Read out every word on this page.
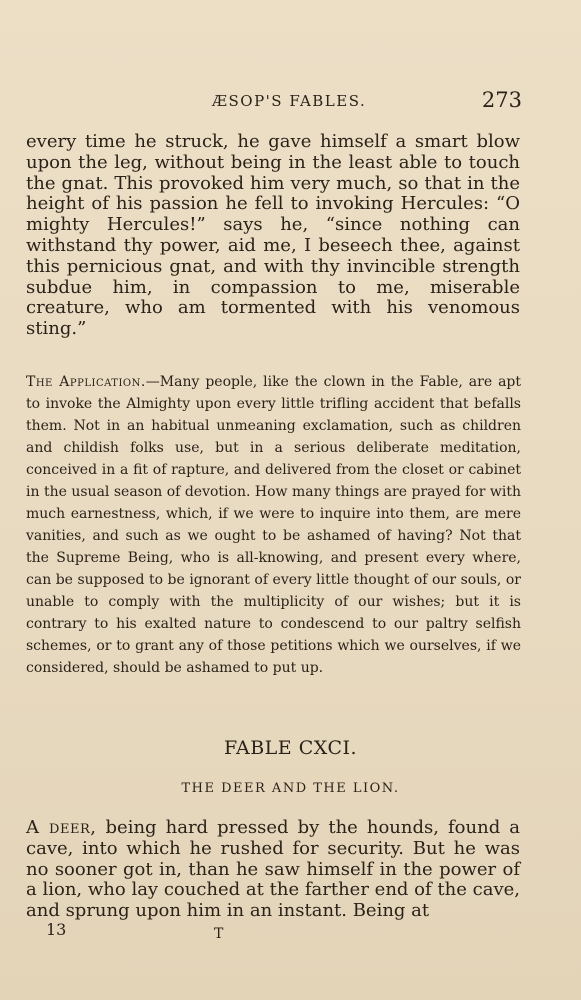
ÆSOP'S FABLES.	273

every time he struck, he gave himself a smart blow upon the leg, without being in the least able to touch the gnat. This provoked him very much, so that in the height of his passion he fell to invoking Hercules: “O mighty Hercules!” says he, “since nothing can withstand thy power, aid me, I beseech thee, against this pernicious gnat, and with thy invincible strength subdue him, in compassion to me, miserable creature, who am tormented with his venomous sting.”

The Application.—Many people, like the clown in the Fable, are apt to invoke the Almighty upon every little trifling accident that befalls them. Not in an habitual unmeaning exclamation, such as children and childish folks use, but in a serious deliberate meditation, conceived in a fit of rapture, and delivered from the closet or cabinet in the usual season of devotion. How many things are prayed for with much earnestness, which, if we were to inquire into them, are mere vanities, and such as we ought to be ashamed of having? Not that the Supreme Being, who is all-knowing, and present every where, can be supposed to be ignorant of every little thought of our souls, or unable to comply with the multiplicity of our wishes; but it is contrary to his exalted nature to condescend to our paltry selfish schemes, or to grant any of those petitions which we ourselves, if we considered, should be ashamed to put up.

FABLE CXCI.
THE DEER AND THE LION.

A deer, being hard pressed by the hounds, found a cave, into which he rushed for security. But he was no sooner got in, than he saw himself in the power of a lion, who lay couched at the farther end of the cave, and sprung upon him in an instant. Being at

13	T
